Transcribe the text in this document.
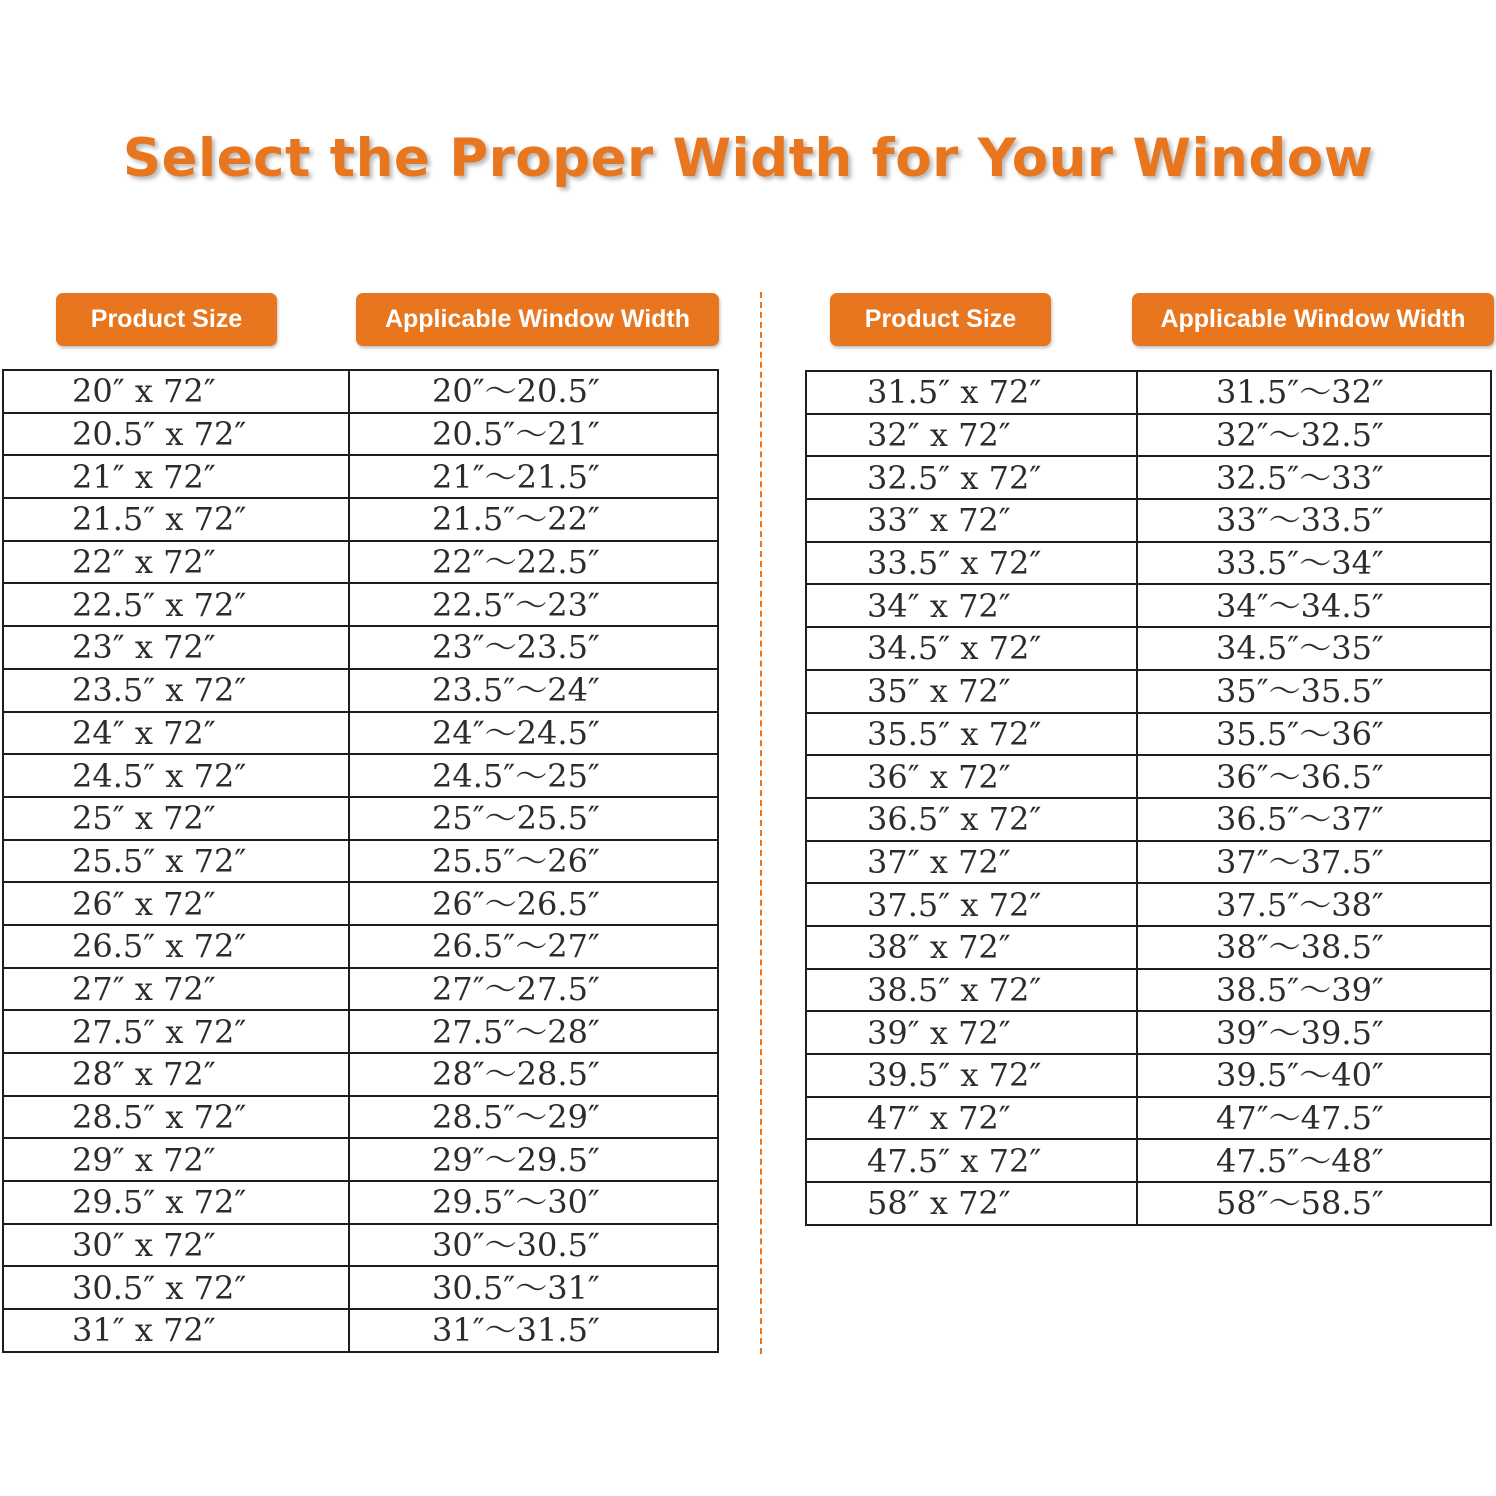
Select the Proper Width for Your Window
Product Size	Applicable Window Width	Product Size	Applicable Window Width
20″ x 72″	20″～20.5″
20.5″ x 72″	20.5″～21″
21″ x 72″	21″～21.5″
21.5″ x 72″	21.5″～22″
22″ x 72″	22″～22.5″
22.5″ x 72″	22.5″～23″
23″ x 72″	23″～23.5″
23.5″ x 72″	23.5″～24″
24″ x 72″	24″～24.5″
24.5″ x 72″	24.5″～25″
25″ x 72″	25″～25.5″
25.5″ x 72″	25.5″～26″
26″ x 72″	26″～26.5″
26.5″ x 72″	26.5″～27″
27″ x 72″	27″～27.5″
27.5″ x 72″	27.5″～28″
28″ x 72″	28″～28.5″
28.5″ x 72″	28.5″～29″
29″ x 72″	29″～29.5″
29.5″ x 72″	29.5″～30″
30″ x 72″	30″～30.5″
30.5″ x 72″	30.5″～31″
31″ x 72″	31″～31.5″
31.5″ x 72″	31.5″～32″
32″ x 72″	32″～32.5″
32.5″ x 72″	32.5″～33″
33″ x 72″	33″～33.5″
33.5″ x 72″	33.5″～34″
34″ x 72″	34″～34.5″
34.5″ x 72″	34.5″～35″
35″ x 72″	35″～35.5″
35.5″ x 72″	35.5″～36″
36″ x 72″	36″～36.5″
36.5″ x 72″	36.5″～37″
37″ x 72″	37″～37.5″
37.5″ x 72″	37.5″～38″
38″ x 72″	38″～38.5″
38.5″ x 72″	38.5″～39″
39″ x 72″	39″～39.5″
39.5″ x 72″	39.5″～40″
47″ x 72″	47″～47.5″
47.5″ x 72″	47.5″～48″
58″ x 72″	58″～58.5″
